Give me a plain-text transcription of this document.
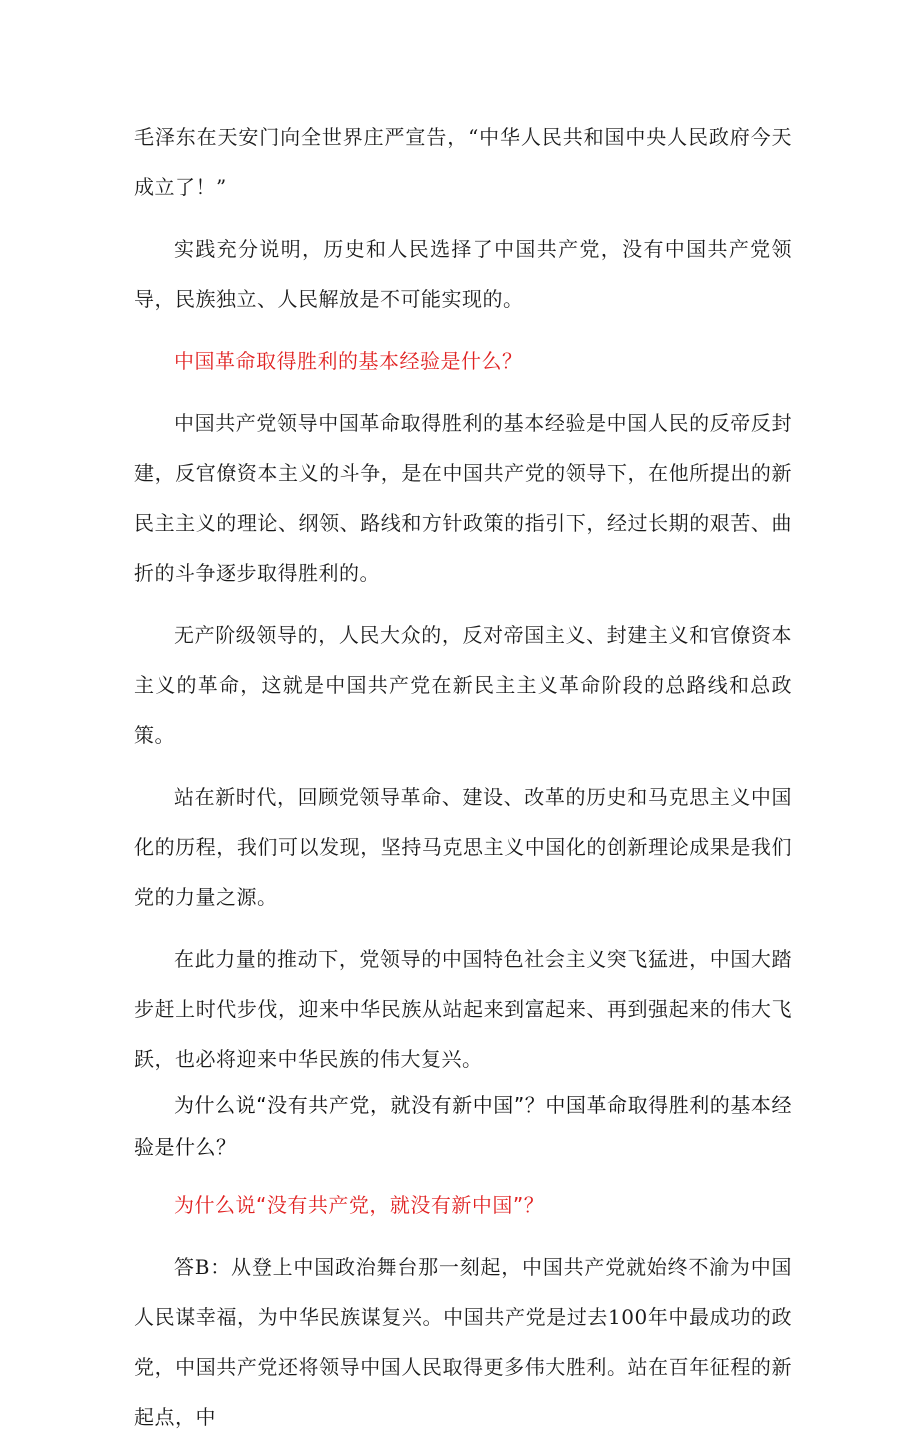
毛泽东在天安门向全世界庄严宣告，“中华人民共和国中央人民政府今天成立了！”

实践充分说明，历史和人民选择了中国共产党，没有中国共产党领导，民族独立、人民解放是不可能实现的。

中国革命取得胜利的基本经验是什么？

中国共产党领导中国革命取得胜利的基本经验是中国人民的反帝反封建，反官僚资本主义的斗争，是在中国共产党的领导下，在他所提出的新民主主义的理论、纲领、路线和方针政策的指引下，经过长期的艰苦、曲折的斗争逐步取得胜利的。

无产阶级领导的，人民大众的，反对帝国主义、封建主义和官僚资本主义的革命，这就是中国共产党在新民主主义革命阶段的总路线和总政策。

站在新时代，回顾党领导革命、建设、改革的历史和马克思主义中国化的历程，我们可以发现，坚持马克思主义中国化的创新理论成果是我们党的力量之源。

在此力量的推动下，党领导的中国特色社会主义突飞猛进，中国大踏步赶上时代步伐，迎来中华民族从站起来到富起来、再到强起来的伟大飞跃，也必将迎来中华民族的伟大复兴。

为什么说“没有共产党，就没有新中国”？中国革命取得胜利的基本经验是什么？

为什么说“没有共产党，就没有新中国”？

答B：从登上中国政治舞台那一刻起，中国共产党就始终不渝为中国人民谋幸福，为中华民族谋复兴。中国共产党是过去100年中最成功的政党，中国共产党还将领导中国人民取得更多伟大胜利。站在百年征程的新起点，中
